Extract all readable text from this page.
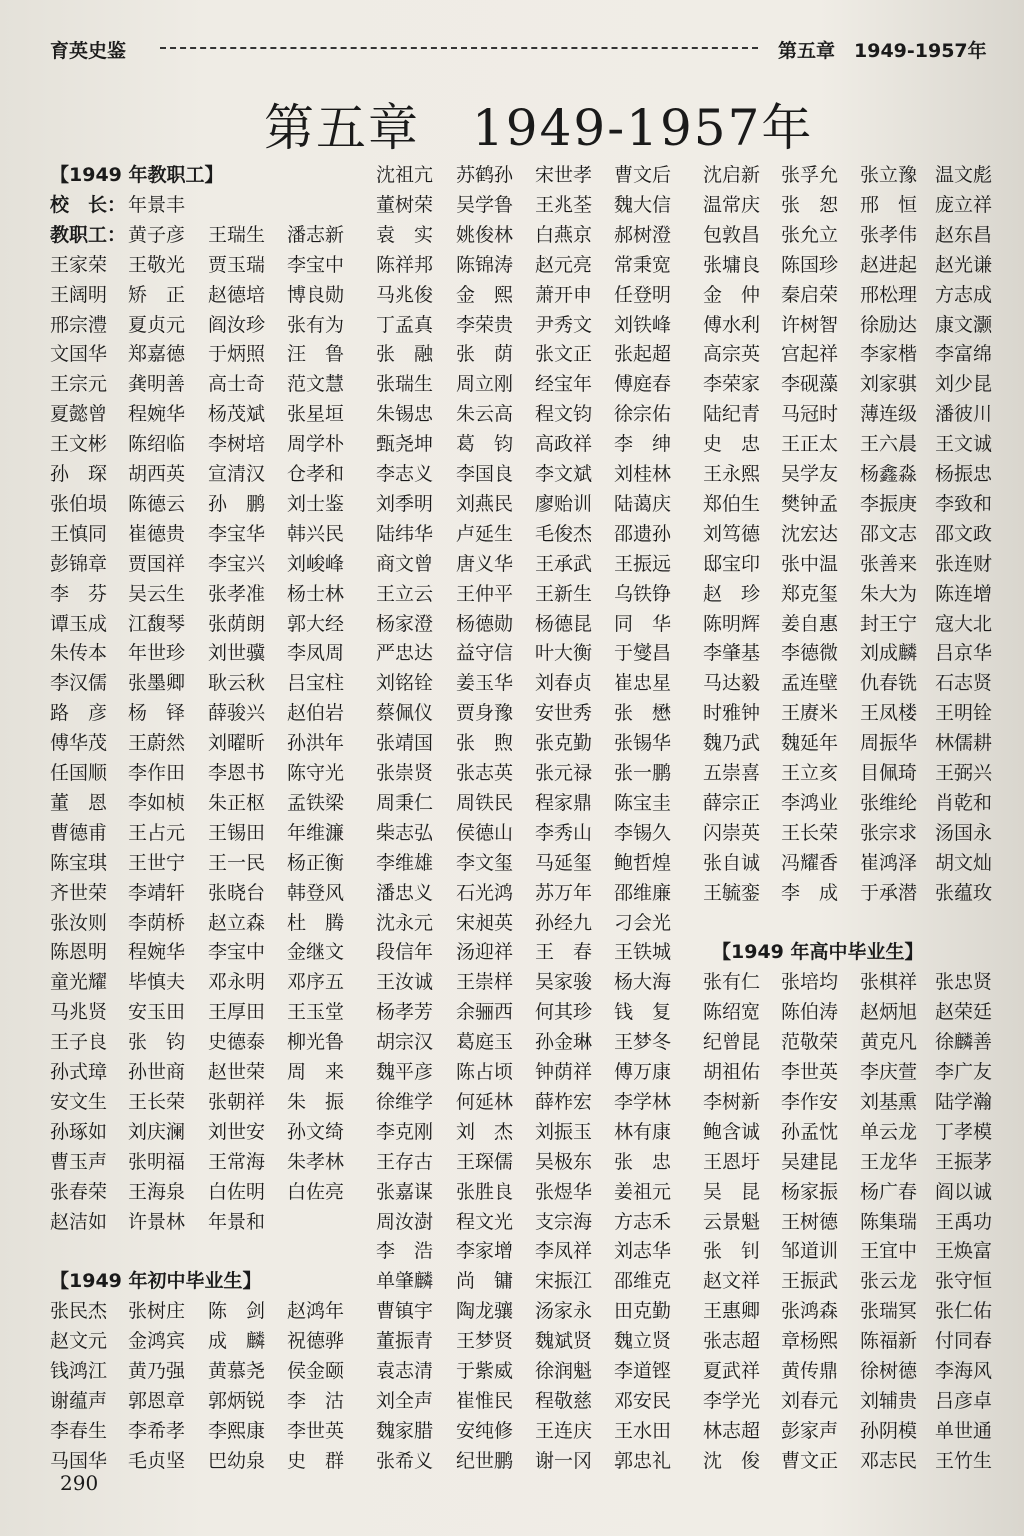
育英史鉴	第五章　1949-1957年
第五章　1949-1957年
【1949 年教职工】
校　长： 年景丰
教职工： 黄子彦 王瑞生 潘志新
王家荣 王敬光 贾玉瑞 李宝中
王阔明 矫　正 赵德培 博良勋
邢宗澧 夏贞元 阎汝珍 张有为
文国华 郑嘉德 于炳照 汪　鲁
王宗元 龚明善 高士奇 范文慧
夏懿曾 程婉华 杨茂斌 张星垣
王文彬 陈绍临 李树培 周学朴
孙　琛 胡西英 宣清汉 仓孝和
张伯埙 陈德云 孙　鹏 刘士鉴
王慎同 崔德贵 李宝华 韩兴民
彭锦章 贾国祥 李宝兴 刘峻峰
李　芬 吴云生 张孝准 杨士林
谭玉成 江馥琴 张荫朗 郭大经
朱传本 年世珍 刘世骥 李凤周
李汉儒 张墨卿 耿云秋 吕宝柱
路　彦 杨　铎 薛骏兴 赵伯岩
傅华茂 王蔚然 刘曜昕 孙洪年
任国顺 李作田 李恩书 陈守光
董　恩 李如桢 朱正枢 孟铁梁
曹德甫 王占元 王锡田 年维濂
陈宝琪 王世宁 王一民 杨正衡
齐世荣 李靖轩 张晓台 韩登风
张汝则 李荫桥 赵立森 杜　腾
陈恩明 程婉华 李宝中 金继文
童光耀 毕慎夫 邓永明 邓序五
马兆贤 安玉田 王厚田 王玉堂
王子良 张　钧 史德泰 柳光鲁
孙式璋 孙世商 赵世荣 周　来
安文生 王长荣 张朝祥 朱　振
孙琢如 刘庆澜 刘世安 孙文绮
曹玉声 张明福 王常海 朱孝林
张春荣 王海泉 白佐明 白佐亮
赵洁如 许景林 年景和
【1949 年初中毕业生】
张民杰 张树庄 陈　剑 赵鸿年
赵文元 金鸿宾 成　麟 祝德骅
钱鸿江 黄乃强 黄慕尧 侯金颐
谢蕴声 郭恩章 郭炳锐 李　沽
李春生 李希孝 李熙康 李世英
马国华 毛贞坚 巴幼泉 史　群
沈祖亢 苏鹤孙 宋世孝 曹文后 沈启新 张孚允 张立豫 温文彪
董树荣 吴学鲁 王兆荃 魏大信 温常庆 张　恕 邢　恒 庞立祥
袁　实 姚俊林 白燕京 郝树澄 包敦昌 张允立 张孝伟 赵东昌
陈祥邦 陈锦涛 赵元亮 常秉宽 张墉良 陈国珍 赵进起 赵光谦
马兆俊 金　熙 萧开申 任登明 金　仲 秦启荣 邢松理 方志成
丁孟真 李荣贵 尹秀文 刘铁峰 傅水利 许树智 徐励达 康文灏
张　融 张　荫 张文正 张起超 高宗英 宫起祥 李家楷 李富绵
张瑞生 周立刚 经宝年 傅庭春 李荣家 李砚藻 刘家骐 刘少昆
朱锡忠 朱云高 程文钧 徐宗佑 陆纪青 马冠时 薄连级 潘彼川
甄尧坤 葛　钧 高政祥 李　绅 史　忠 王正太 王六晨 王文诚
李志义 李国良 李文斌 刘桂林 王永熙 吴学友 杨鑫淼 杨振忠
刘季明 刘燕民 廖贻训 陆蔼庆 郑伯生 樊钟孟 李振庚 李致和
陆纬华 卢延生 毛俊杰 邵遗孙 刘笃德 沈宏达 邵文志 邵文政
商文曾 唐义华 王承武 王振远 邸宝印 张中温 张善来 张连财
王立云 王仲平 王新生 乌铁铮 赵　珍 郑克玺 朱大为 陈连增
杨家澄 杨德勋 杨德昆 同　华 陈明辉 姜自惠 封王宁 寇大北
严忠达 益守信 叶大衡 于燮昌 李肇基 李德微 刘成麟 吕京华
刘铭铨 姜玉华 刘春贞 崔忠星 马达毅 孟连壁 仇春铣 石志贤
蔡佩仪 贾身豫 安世秀 张　懋 时雅钟 王赓米 王凤楼 王明铨
张靖国 张　煦 张克勤 张锡华 魏乃武 魏延年 周振华 林儒耕
张崇贤 张志英 张元禄 张一鹏 五崇喜 王立亥 目佩琦 王弼兴
周秉仁 周铁民 程家鼎 陈宝圭 薛宗正 李鸿业 张维纶 肖乾和
柴志弘 侯德山 李秀山 李锡久 闪崇英 王长荣 张宗求 汤国永
李维雄 李文玺 马延玺 鲍哲煌 张自诚 冯耀香 崔鸿泽 胡文灿
潘忠义 石光鸿 苏万年 邵维廉 王毓銮 李　成 于承潜 张蕴玫
沈永元 宋昶英 孙经九 刁会光
段信年 汤迎祥 王　春 王铁城 【1949 年高中毕业生】
王汝诚 王崇样 吴家骏 杨大海 张有仁 张培均 张棋祥 张忠贤
杨孝芳 余骊西 何其珍 钱　复 陈绍宽 陈伯涛 赵炳旭 赵荣廷
胡宗汉 葛庭玉 孙金琳 王梦冬 纪曾昆 范敬荣 黄克凡 徐麟善
魏平彦 陈占顷 钟荫祥 傅万康 胡祖佑 李世英 李庆萱 李广友
徐维学 何延林 薛柞宏 李学林 李树新 李作安 刘基熏 陆学瀚
李克刚 刘　杰 刘振玉 林有康 鲍含诚 孙孟忱 单云龙 丁孝模
王存古 王琛儒 吴极东 张　忠 王恩圩 吴建昆 王龙华 王振茅
张嘉谋 张胜良 张煜华 姜祖元 吴　昆 杨家振 杨广春 阎以诚
周汝澍 程文光 支宗海 方志禾 云景魁 王树德 陈集瑞 王禹功
李　浩 李家增 李凤祥 刘志华 张　钊 邹道训 王宜中 王焕富
单肇麟 尚　镛 宋振江 邵维克 赵文祥 王振武 张云龙 张守恒
曹镇宇 陶龙骧 汤家永 田克勤 王惠卿 张鸿森 张瑞冥 张仁佑
董振青 王梦贤 魏斌贤 魏立贤 张志超 章杨熙 陈福新 付同春
袁志清 于紫威 徐润魁 李道铿 夏武祥 黄传鼎 徐树德 李海风
刘全声 崔惟民 程敬慈 邓安民 李学光 刘春元 刘辅贵 吕彦卓
魏家腊 安纯修 王连庆 王水田 林志超 彭家声 孙阴模 单世通
张希义 纪世鹏 谢一冈 郭忠礼 沈　俊 曹文正 邓志民 王竹生
290
